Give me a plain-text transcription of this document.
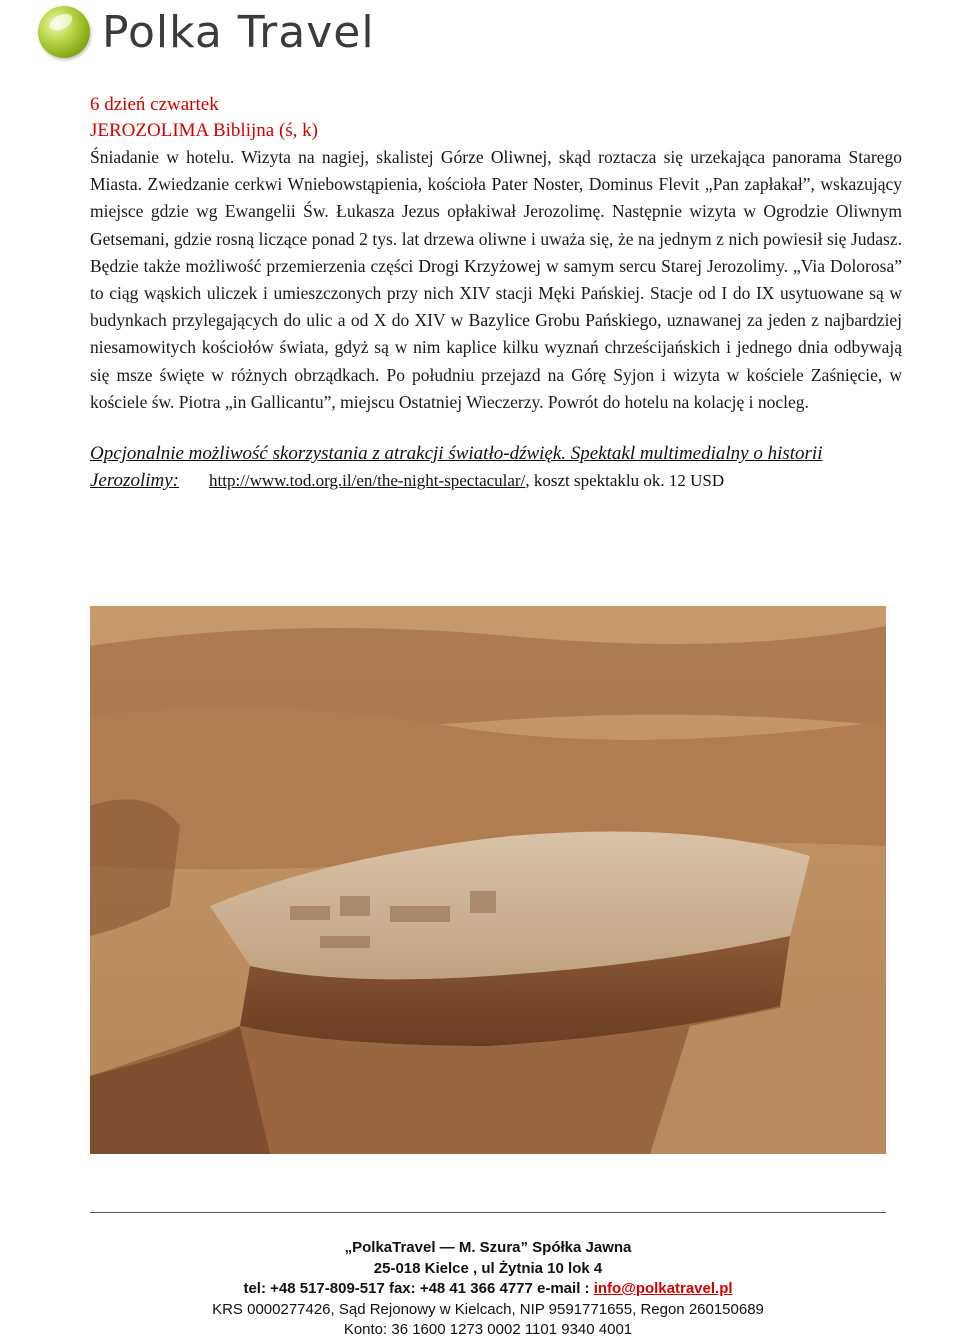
Polka Travel
6 dzień czwartek
JEROZOLIMA Biblijna (ś, k)

Śniadanie w hotelu. Wizyta na nagiej, skalistej Górze Oliwnej, skąd roztacza się urzekająca panorama Starego Miasta. Zwiedzanie cerkwi Wniebowstąpienia, kościoła Pater Noster, Dominus Flevit „Pan zapłakał”, wskazujący miejsce gdzie wg Ewangelii Św. Łukasza Jezus opłakiwał Jerozolimę. Następnie wizyta w Ogrodzie Oliwnym Getsemani, gdzie rosną liczące ponad 2 tys. lat drzewa oliwne i uważa się, że na jednym z nich powiesił się Judasz. Będzie także możliwość przemierzenia części Drogi Krzyżowej w samym sercu Starej Jerozolimy. „Via Dolorosa” to ciąg wąskich uliczek i umieszczonych przy nich XIV stacji Męki Pańskiej. Stacje od I do IX usytuowane są w budynkach przylegających do ulic a od X do XIV w Bazylice Grobu Pańskiego, uznawanej za jeden z najbardziej niesamowitych kościołów świata, gdyż są w nim kaplice kilku wyznań chrześcijańskich i jednego dnia odbywają się msze święte w różnych obrządkach. Po południu przejazd na Górę Syjon i wizyta w kościele Zaśnięcie, w kościele św. Piotra „in Gallicantu”, miejscu Ostatniej Wieczerzy. Powrót do hotelu na kolację i nocleg.

Opcjonalnie możliwość skorzystania z atrakcji światło-dźwięk. Spektakl multimedialny o historii Jerozolimy: http://www.tod.org.il/en/the-night-spectacular/, koszt spektaklu ok. 12 USD
„PolkaTravel — M. Szura” Spółka Jawna
25-018 Kielce , ul Żytnia 10 lok 4
tel: +48 517-809-517 fax: +48 41 366 4777 e-mail : info@polkatravel.pl
KRS 0000277426, Sąd Rejonowy w Kielcach, NIP 9591771655, Regon 260150689
Konto: 36 1600 1273 0002 1101 9340 4001
